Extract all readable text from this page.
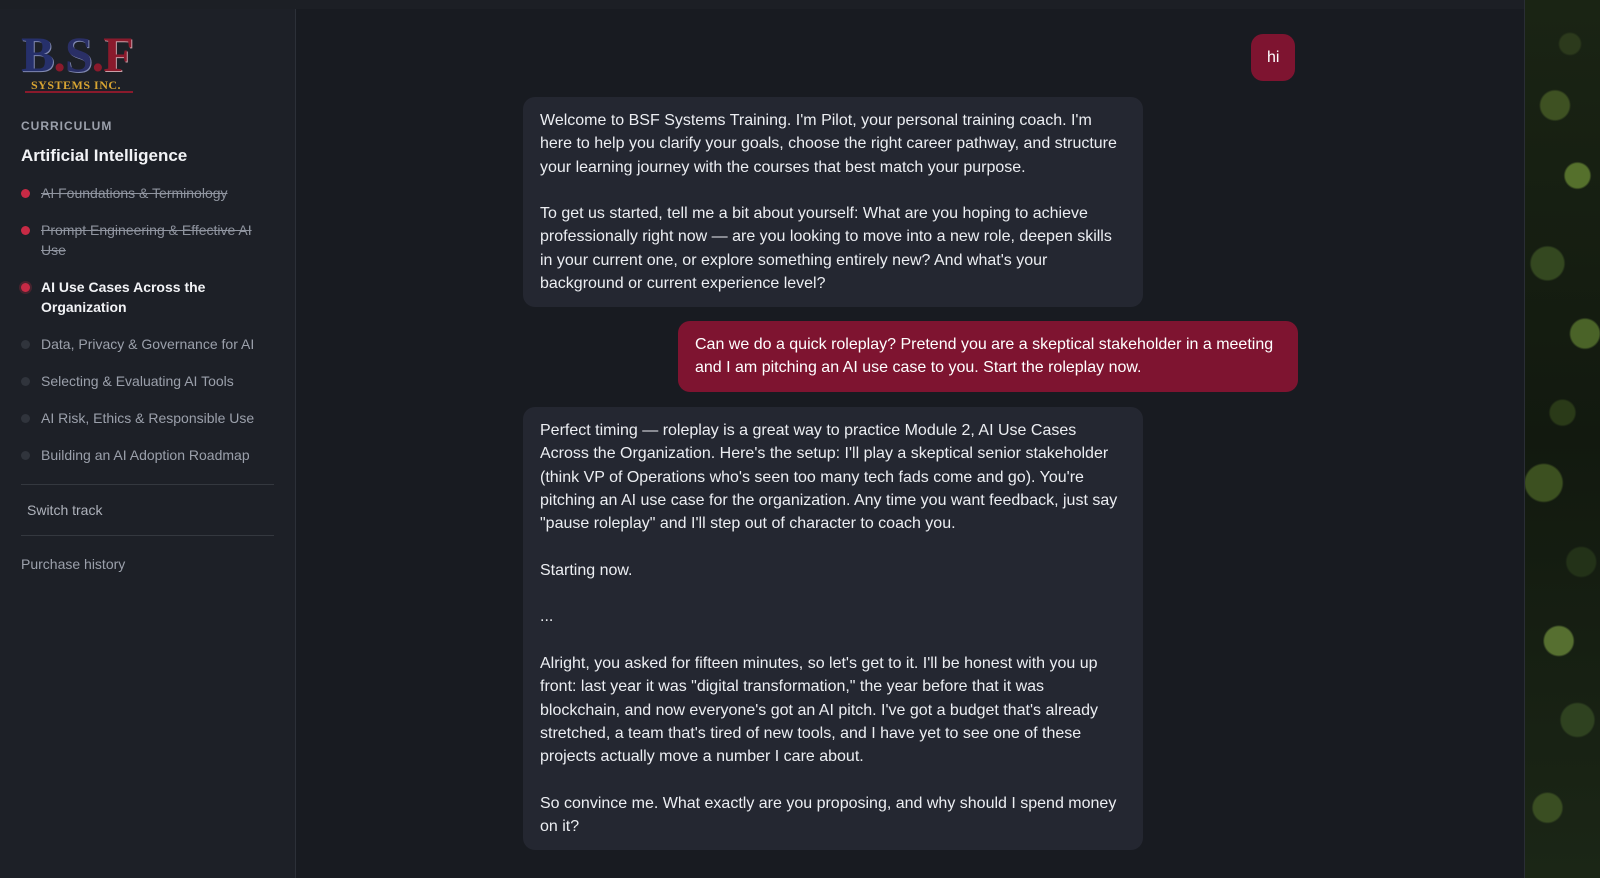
B.S.F
SYSTEMS INC.
CURRICULUM
Artificial Intelligence
AI Foundations & Terminology
Prompt Engineering & Effective AI Use
AI Use Cases Across the Organization
Data, Privacy & Governance for AI
Selecting & Evaluating AI Tools
AI Risk, Ethics & Responsible Use
Building an AI Adoption Roadmap
Switch track
Purchase history
hi
Welcome to BSF Systems Training. I'm Pilot, your personal training coach. I'm here to help you clarify your goals, choose the right career pathway, and structure your learning journey with the courses that best match your purpose.

To get us started, tell me a bit about yourself: What are you hoping to achieve professionally right now — are you looking to move into a new role, deepen skills in your current one, or explore something entirely new? And what's your background or current experience level?
Can we do a quick roleplay? Pretend you are a skeptical stakeholder in a meeting and I am pitching an AI use case to you. Start the roleplay now.
Perfect timing — roleplay is a great way to practice Module 2, AI Use Cases Across the Organization. Here's the setup: I'll play a skeptical senior stakeholder (think VP of Operations who's seen too many tech fads come and go). You're pitching an AI use case for the organization. Any time you want feedback, just say "pause roleplay" and I'll step out of character to coach you.

Starting now.

...

Alright, you asked for fifteen minutes, so let's get to it. I'll be honest with you up front: last year it was "digital transformation," the year before that it was blockchain, and now everyone's got an AI pitch. I've got a budget that's already stretched, a team that's tired of new tools, and I have yet to see one of these projects actually move a number I care about.

So convince me. What exactly are you proposing, and why should I spend money on it?
